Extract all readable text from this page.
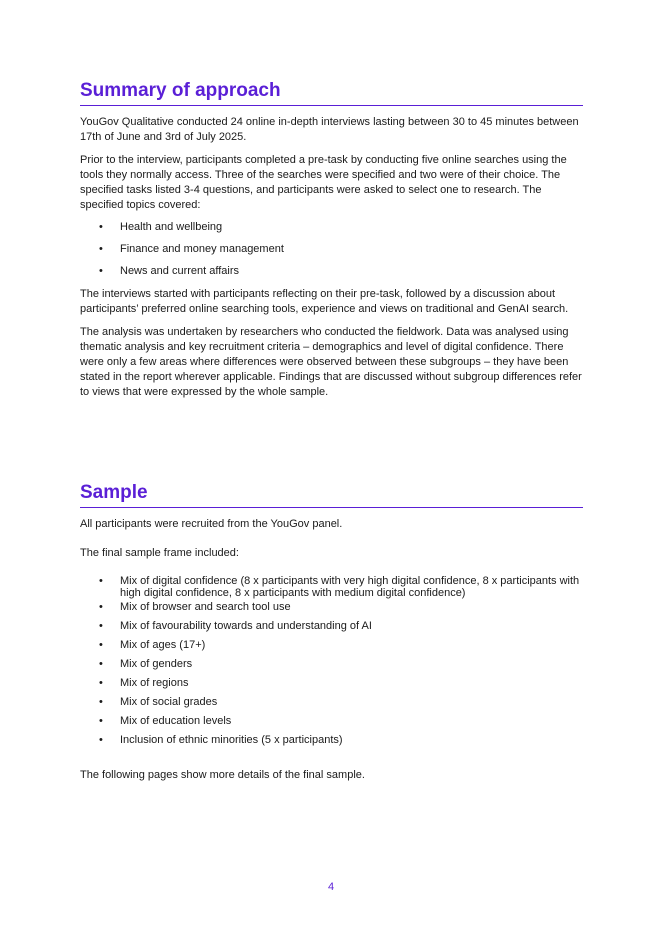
Summary of approach

YouGov Qualitative conducted 24 online in-depth interviews lasting between 30 to 45 minutes between 17th of June and 3rd of July 2025.

Prior to the interview, participants completed a pre-task by conducting five online searches using the tools they normally access. Three of the searches were specified and two were of their choice. The specified tasks listed 3-4 questions, and participants were asked to select one to research. The specified topics covered:

• Health and wellbeing
• Finance and money management
• News and current affairs

The interviews started with participants reflecting on their pre-task, followed by a discussion about participants’ preferred online searching tools, experience and views on traditional and GenAI search.

The analysis was undertaken by researchers who conducted the fieldwork. Data was analysed using thematic analysis and key recruitment criteria – demographics and level of digital confidence. There were only a few areas where differences were observed between these subgroups – they have been stated in the report wherever applicable. Findings that are discussed without subgroup differences refer to views that were expressed by the whole sample.

Sample

All participants were recruited from the YouGov panel.

The final sample frame included:

• Mix of digital confidence (8 x participants with very high digital confidence, 8 x participants with high digital confidence, 8 x participants with medium digital confidence)
• Mix of browser and search tool use
• Mix of favourability towards and understanding of AI
• Mix of ages (17+)
• Mix of genders
• Mix of regions
• Mix of social grades
• Mix of education levels
• Inclusion of ethnic minorities (5 x participants)

The following pages show more details of the final sample.

4
